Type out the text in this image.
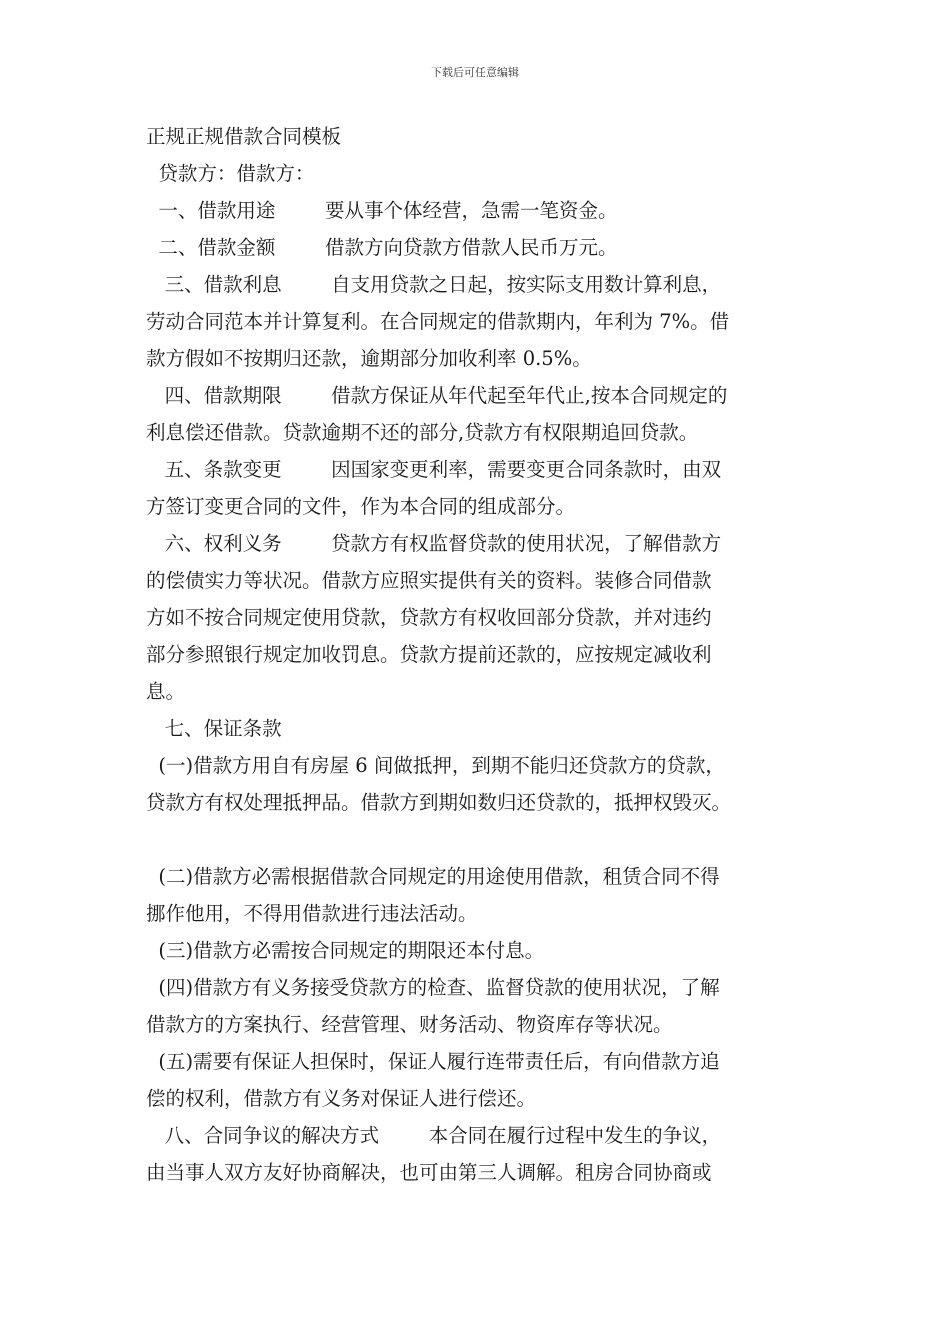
下载后可任意编辑
正规正规借款合同模板
贷款方：借款方：
一、借款用途        要从事个体经营，急需一笔资金。
二、借款金额        借款方向贷款方借款人民币万元。
三、借款利息        自支用贷款之日起，按实际支用数计算利息，
劳动合同范本并计算复利。在合同规定的借款期内，年利为 7%。借
款方假如不按期归还款，逾期部分加收利率 0.5%。
四、借款期限        借款方保证从年代起至年代止,按本合同规定的
利息偿还借款。贷款逾期不还的部分,贷款方有权限期追回贷款。
五、条款变更        因国家变更利率，需要变更合同条款时，由双
方签订变更合同的文件，作为本合同的组成部分。
六、权利义务        贷款方有权监督贷款的使用状况，了解借款方
的偿债实力等状况。借款方应照实提供有关的资料。装修合同借款
方如不按合同规定使用贷款，贷款方有权收回部分贷款，并对违约
部分参照银行规定加收罚息。贷款方提前还款的，应按规定减收利
息。
七、保证条款
(一)借款方用自有房屋 6 间做抵押，到期不能归还贷款方的贷款，
贷款方有权处理抵押品。借款方到期如数归还贷款的，抵押权毁灭。
(二)借款方必需根据借款合同规定的用途使用借款，租赁合同不得
挪作他用，不得用借款进行违法活动。
(三)借款方必需按合同规定的期限还本付息。
(四)借款方有义务接受贷款方的检查、监督贷款的使用状况，了解
借款方的方案执行、经营管理、财务活动、物资库存等状况。
(五)需要有保证人担保时，保证人履行连带责任后，有向借款方追
偿的权利，借款方有义务对保证人进行偿还。
八、合同争议的解决方式        本合同在履行过程中发生的争议，
由当事人双方友好协商解决，也可由第三人调解。租房合同协商或
